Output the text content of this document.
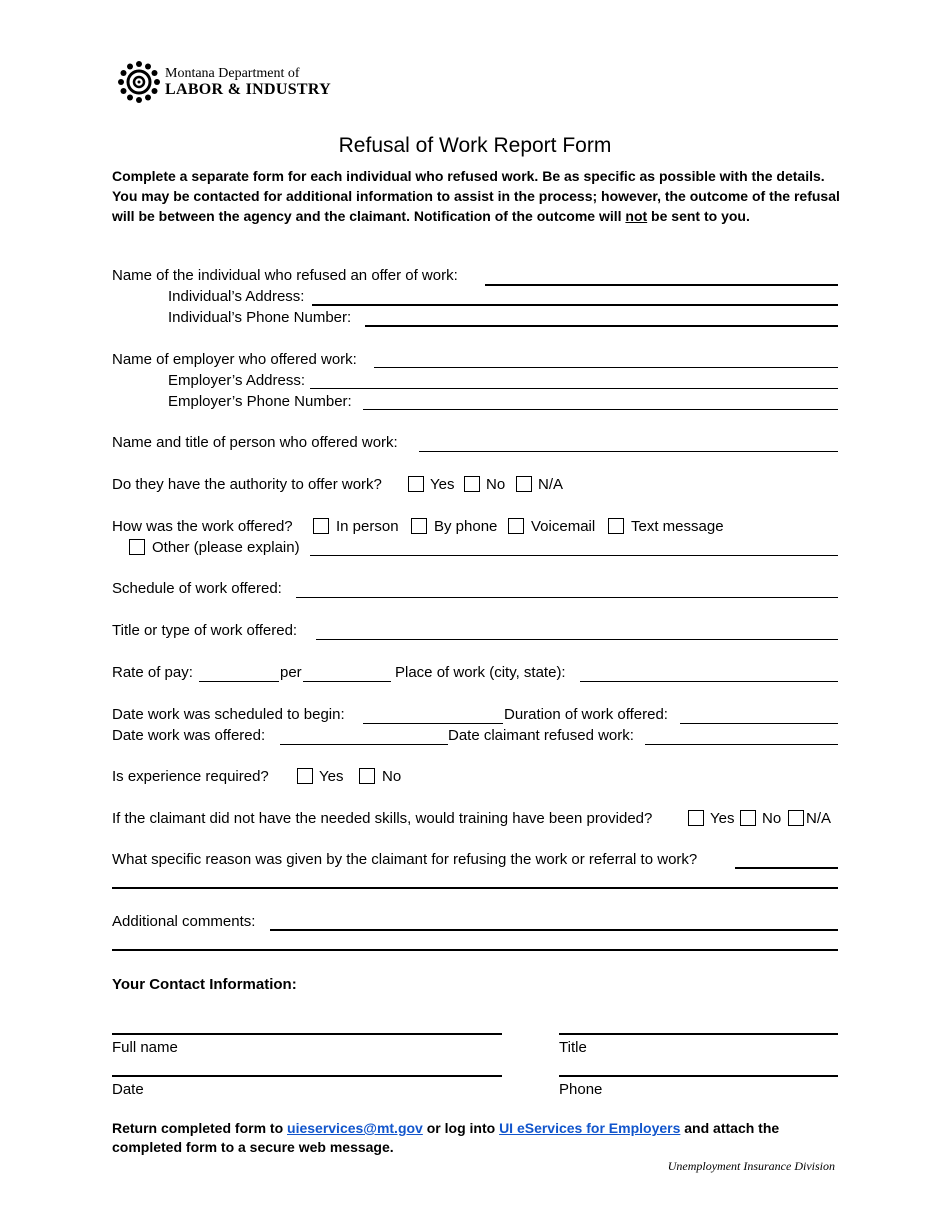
Montana Department of
LABOR & INDUSTRY
Refusal of Work Report Form
Complete a separate form for each individual who refused work. Be as specific as possible with the details. You may be contacted for additional information to assist in the process; however, the outcome of the refusal will be between the agency and the claimant. Notification of the outcome will not be sent to you.
Name of the individual who refused an offer of work:
Individual’s Address:
Individual’s Phone Number:
Name of employer who offered work:
Employer’s Address:
Employer’s Phone Number:
Name and title of person who offered work:
Do they have the authority to offer work?	Yes No N/A
How was the work offered?	In person By phone Voicemail Text message
Other (please explain)
Schedule of work offered:
Title or type of work offered:
Rate of pay:	per	Place of work (city, state):
Date work was scheduled to begin:	Duration of work offered:
Date work was offered:	Date claimant refused work:
Is experience required?	Yes	No
If the claimant did not have the needed skills, would training have been provided?	Yes No N/A
What specific reason was given by the claimant for refusing the work or referral to work?
Additional comments:
Your Contact Information:
Full name	Title
Date	Phone
Return completed form to uieservices@mt.gov or log into UI eServices for Employers and attach the completed form to a secure web message.
Unemployment Insurance Division
